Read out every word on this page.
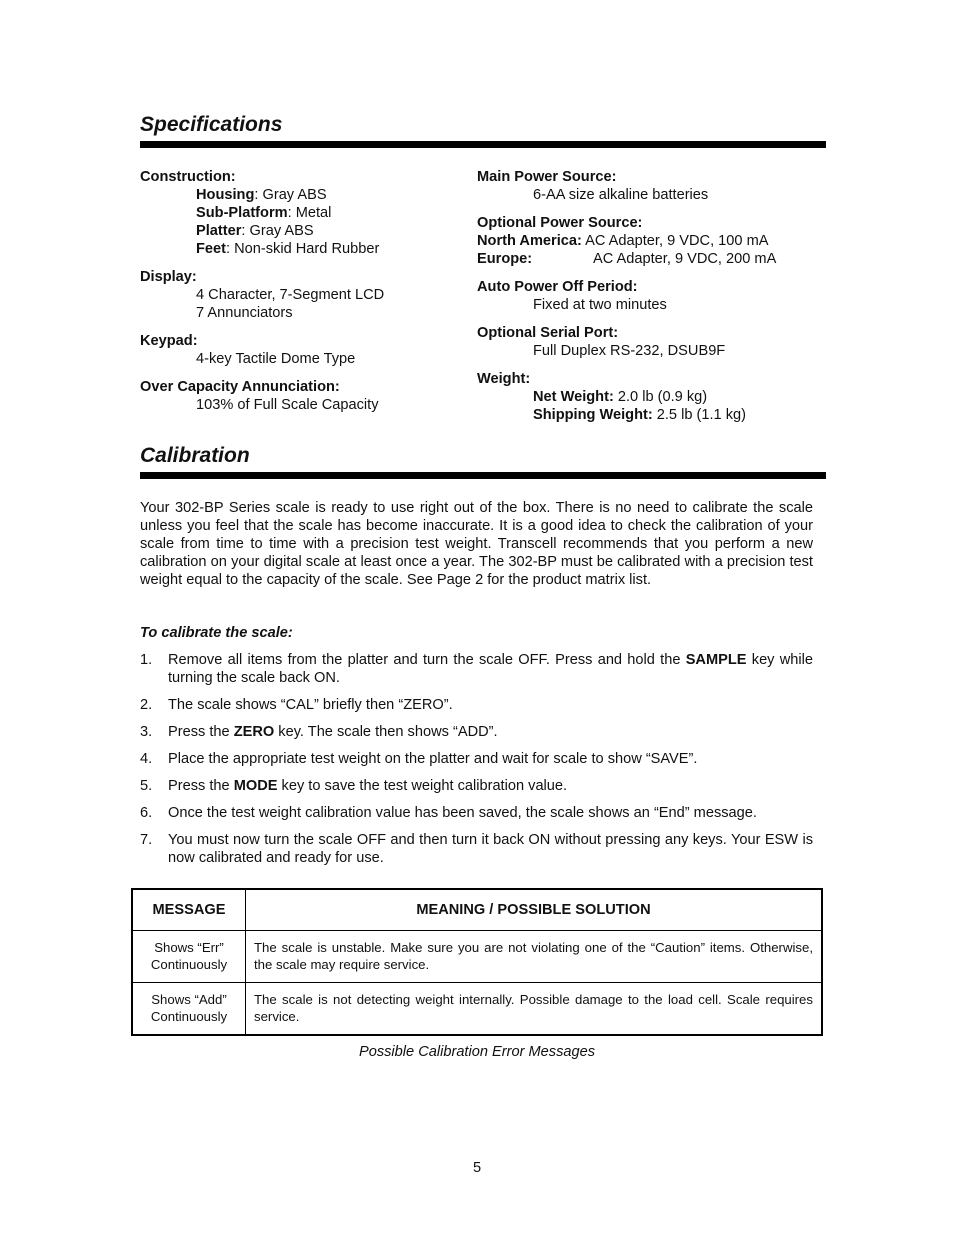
Specifications
Construction:
Housing: Gray ABS
Sub-Platform: Metal
Platter: Gray ABS
Feet: Non-skid Hard Rubber
Display:
4 Character, 7-Segment LCD
7 Annunciators
Keypad:
4-key Tactile Dome Type
Over Capacity Annunciation:
103% of Full Scale Capacity
Main Power Source:
6-AA size alkaline batteries
Optional Power Source:
North America: AC Adapter, 9 VDC, 100 mA
Europe:	AC Adapter, 9 VDC, 200 mA
Auto Power Off Period:
Fixed at two minutes
Optional Serial Port:
Full Duplex RS-232, DSUB9F
Weight:
Net Weight: 2.0 lb (0.9 kg)
Shipping Weight: 2.5 lb (1.1 kg)
Calibration
Your 302-BP Series scale is ready to use right out of the box. There is no need to calibrate the scale unless you feel that the scale has become inaccurate. It is a good idea to check the calibration of your scale from time to time with a precision test weight. Transcell recommends that you perform a new calibration on your digital scale at least once a year. The 302-BP must be calibrated with a precision test weight equal to the capacity of the scale. See Page 2 for the product matrix list.
To calibrate the scale:
1. Remove all items from the platter and turn the scale OFF. Press and hold the SAMPLE key while turning the scale back ON.
2. The scale shows “CAL” briefly then “ZERO”.
3. Press the ZERO key. The scale then shows “ADD”.
4. Place the appropriate test weight on the platter and wait for scale to show “SAVE”.
5. Press the MODE key to save the test weight calibration value.
6. Once the test weight calibration value has been saved, the scale shows an “End” message.
7. You must now turn the scale OFF and then turn it back ON without pressing any keys. Your ESW is now calibrated and ready for use.
MESSAGE	MEANING / POSSIBLE SOLUTION
Shows “Err”
Continuously	The scale is unstable. Make sure you are not violating one of the “Caution” items. Otherwise, the scale may require service.
Shows “Add”
Continuously	The scale is not detecting weight internally. Possible damage to the load cell. Scale requires service.
Possible Calibration Error Messages
5
